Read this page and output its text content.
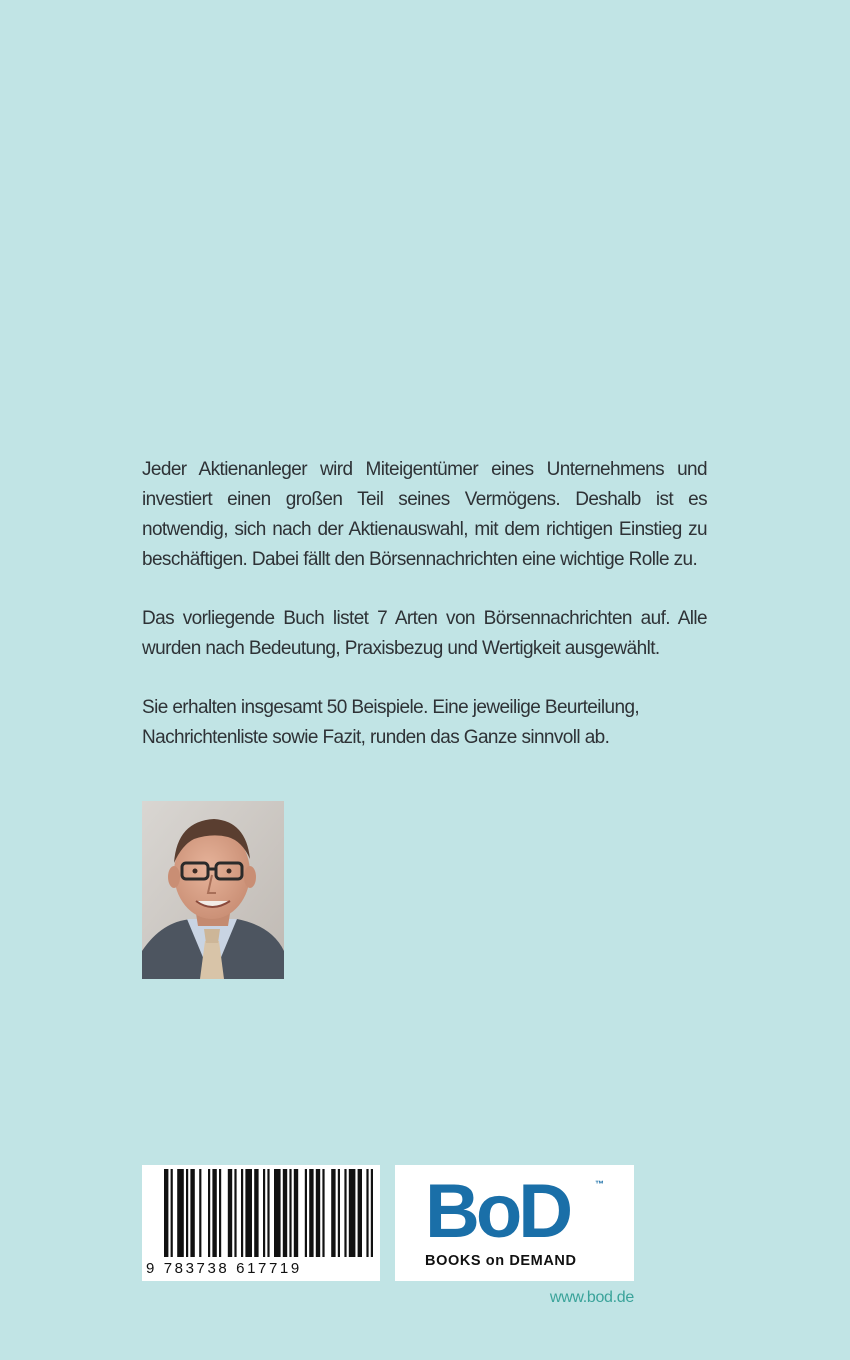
Jeder Aktienanleger wird Miteigentümer eines Unternehmens und investiert einen großen Teil seines Vermögens. Deshalb ist es notwendig, sich nach der Aktienauswahl, mit dem richtigen Einstieg zu beschäftigen. Dabei fällt den Börsennachrichten eine wichtige Rolle zu.

Das vorliegende Buch listet 7 Arten von Börsennachrichten auf. Alle wurden nach Bedeutung, Praxisbezug und Wertigkeit ausgewählt.

Sie erhalten insgesamt 50 Beispiele. Eine jeweilige Beurteilung, Nachrichtenliste sowie Fazit, runden das Ganze sinnvoll ab.

9 783738 617719
BoD	™
BOOKS on DEMAND
www.bod.de
